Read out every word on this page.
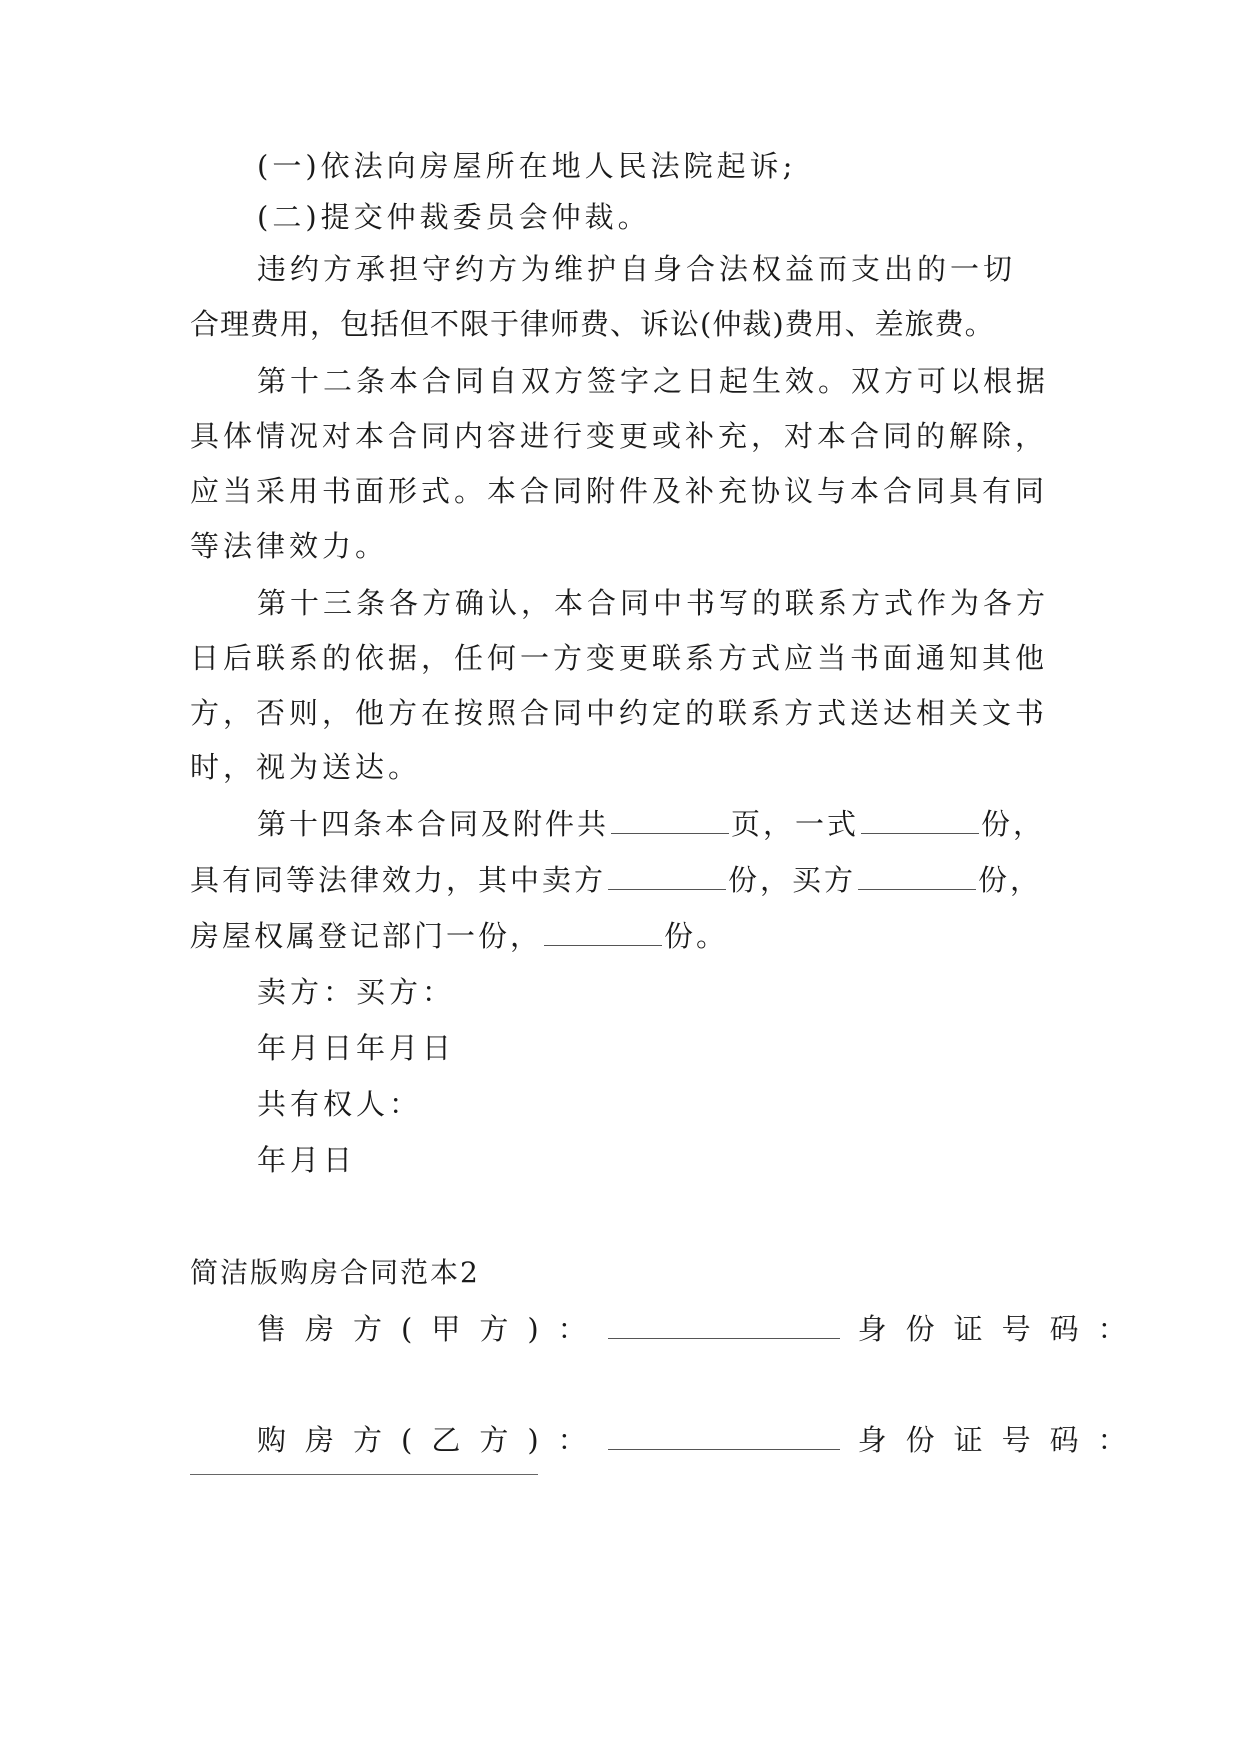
(一)依法向房屋所在地人民法院起诉;
(二)提交仲裁委员会仲裁。
违约方承担守约方为维护自身合法权益而支出的一切
合理费用，包括但不限于律师费、诉讼(仲裁)费用、差旅费。
第十二条本合同自双方签字之日起生效。双方可以根据
具体情况对本合同内容进行变更或补充，对本合同的解除，
应当采用书面形式。本合同附件及补充协议与本合同具有同
等法律效力。
第十三条各方确认，本合同中书写的联系方式作为各方
日后联系的依据，任何一方变更联系方式应当书面通知其他
方，否则，他方在按照合同中约定的联系方式送达相关文书
时，视为送达。
第十四条本合同及附件共	页，一式	份，
具有同等法律效力，其中卖方	份，买方	份，
房屋权属登记部门一份，	份。
卖方：买方：
年月日年月日
共有权人：
年月日
简洁版购房合同范本2
售房方(甲方)：	身份证号码：
购房方(乙方)：	身份证号码：
